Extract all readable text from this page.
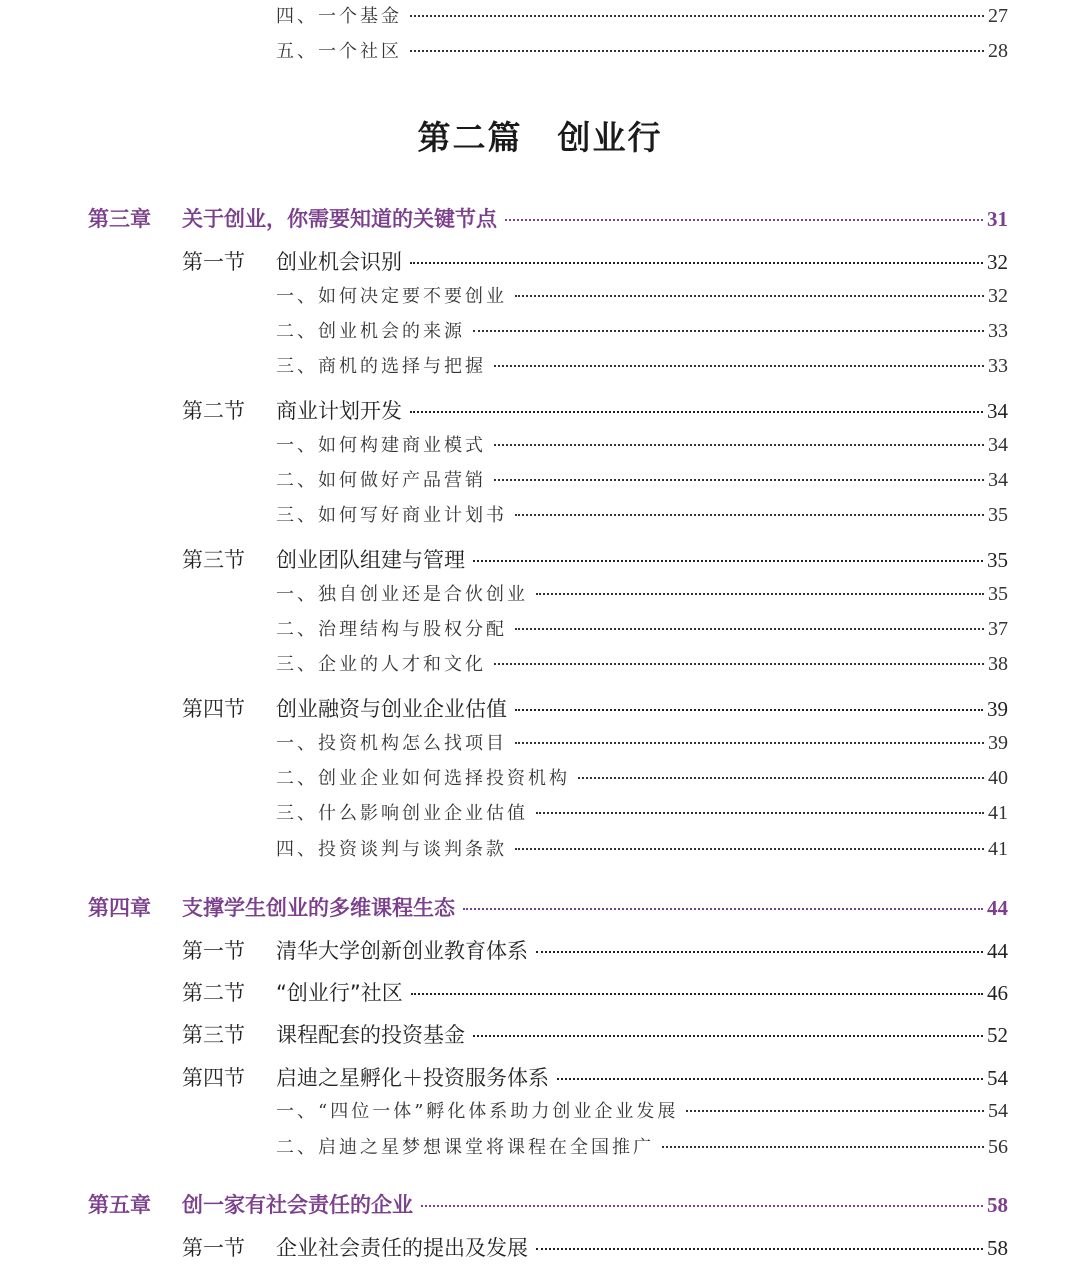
第二篇　创业行
四、一个基金	27
五、一个社区	28
第三章	关于创业，你需要知道的关键节点	31
第一节	创业机会识别	32
一、如何决定要不要创业	32
二、创业机会的来源	33
三、商机的选择与把握	33
第二节	商业计划开发	34
一、如何构建商业模式	34
二、如何做好产品营销	34
三、如何写好商业计划书	35
第三节	创业团队组建与管理	35
一、独自创业还是合伙创业	35
二、治理结构与股权分配	37
三、企业的人才和文化	38
第四节	创业融资与创业企业估值	39
一、投资机构怎么找项目	39
二、创业企业如何选择投资机构	40
三、什么影响创业企业估值	41
四、投资谈判与谈判条款	41
第四章	支撑学生创业的多维课程生态	44
第一节	清华大学创新创业教育体系	44
第二节	“创业行”社区	46
第三节	课程配套的投资基金	52
第四节	启迪之星孵化＋投资服务体系	54
一、“四位一体”孵化体系助力创业企业发展	54
二、启迪之星梦想课堂将课程在全国推广	56
第五章	创一家有社会责任的企业	58
第一节	企业社会责任的提出及发展	58
